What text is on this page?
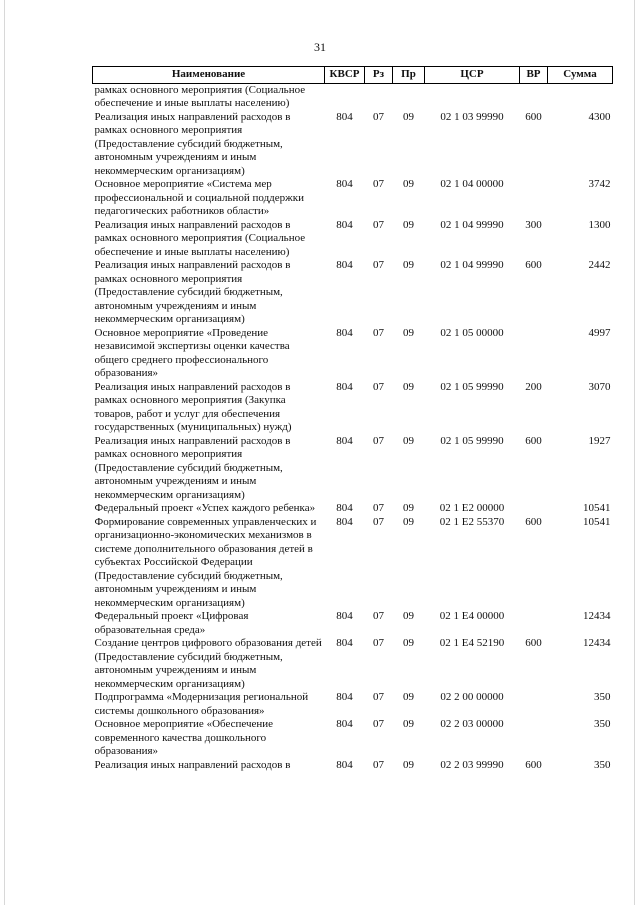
31
Наименование	КВСР	Рз	Пр	ЦСР	ВР	Сумма
рамках основного мероприятия (Социальное обеспечение и иные выплаты населению)						
Реализация иных направлений расходов в рамках основного мероприятия (Предоставление субсидий бюджетным, автономным учреждениям и иным некоммерческим организациям)	804	07	09	02 1 03 99990	600	4300
Основное мероприятие «Система мер профессиональной и социальной поддержки педагогических работников области»	804	07	09	02 1 04 00000		3742
Реализация иных направлений расходов в рамках основного мероприятия (Социальное обеспечение и иные выплаты населению)	804	07	09	02 1 04 99990	300	1300
Реализация иных направлений расходов в рамках основного мероприятия (Предоставление субсидий бюджетным, автономным учреждениям и иным некоммерческим организациям)	804	07	09	02 1 04 99990	600	2442
Основное мероприятие «Проведение независимой экспертизы оценки качества общего среднего профессионального образования»	804	07	09	02 1 05 00000		4997
Реализация иных направлений расходов в рамках основного мероприятия (Закупка товаров, работ и услуг для обеспечения государственных (муниципальных) нужд)	804	07	09	02 1 05 99990	200	3070
Реализация иных направлений расходов в рамках основного мероприятия (Предоставление субсидий бюджетным, автономным учреждениям и иным некоммерческим организациям)	804	07	09	02 1 05 99990	600	1927
Федеральный проект «Успех каждого ребенка»	804	07	09	02 1 E2 00000		10541
Формирование современных управленческих и организационно-экономических механизмов в системе дополнительного образования детей в субъектах Российской Федерации (Предоставление субсидий бюджетным, автономным учреждениям и иным некоммерческим организациям)	804	07	09	02 1 E2 55370	600	10541
Федеральный проект «Цифровая образовательная среда»	804	07	09	02 1 E4 00000		12434
Создание центров цифрового образования детей (Предоставление субсидий бюджетным, автономным учреждениям и иным некоммерческим организациям)	804	07	09	02 1 E4 52190	600	12434
Подпрограмма «Модернизация региональной системы дошкольного образования»	804	07	09	02 2 00 00000		350
Основное мероприятие «Обеспечение современного качества дошкольного образования»	804	07	09	02 2 03 00000		350
Реализация иных направлений расходов в	804	07	09	02 2 03 99990	600	350
